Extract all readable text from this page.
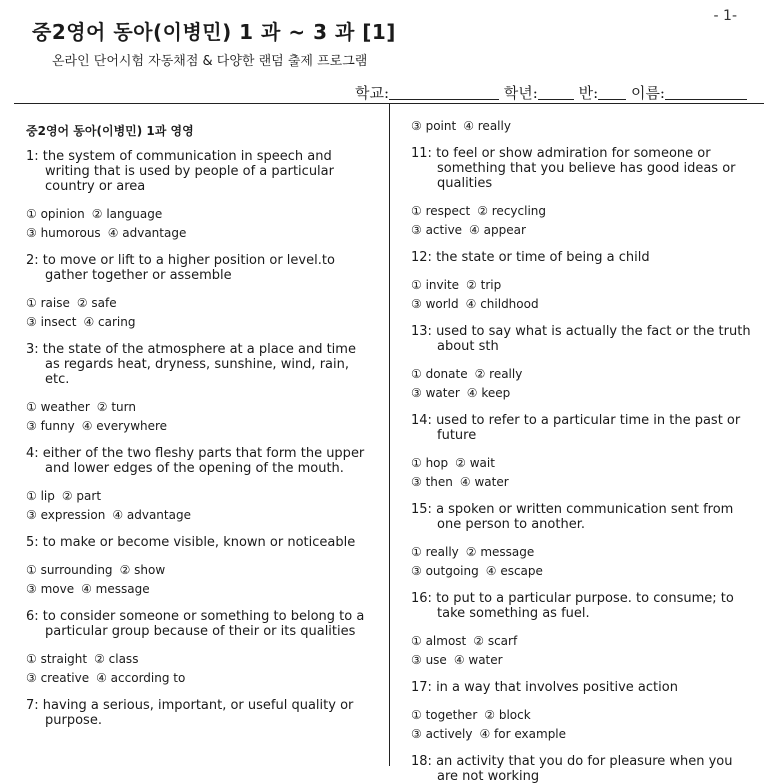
- 1-
중2영어 동아(이병민) 1 과 ~ 3 과 [1]
온라인 단어시험 자동채점 & 다양한 랜덤 출제 프로그램
학교:	학년:	반: 이름:
중2영어 동아(이병민) 1과 영영
1: the system of communication in speech and writing that is used by people of a particular country or area
① opinion ② language
③ humorous ④ advantage
2: to move or lift to a higher position or level.to gather together or assemble
① raise ② safe
③ insect ④ caring
3: the state of the atmosphere at a place and time as regards heat, dryness, sunshine, wind, rain, etc.
① weather ② turn
③ funny ④ everywhere
4: either of the two fleshy parts that form the upper and lower edges of the opening of the mouth.
① lip ② part
③ expression ④ advantage
5: to make or become visible, known or noticeable
① surrounding ② show
③ move ④ message
6: to consider someone or something to belong to a particular group because of their or its qualities
① straight ② class
③ creative ④ according to
7: having a serious, important, or useful quality or purpose.
③ point ④ really
11: to feel or show admiration for someone or something that you believe has good ideas or qualities
① respect ② recycling
③ active ④ appear
12: the state or time of being a child
① invite ② trip
③ world ④ childhood
13: used to say what is actually the fact or the truth about sth
① donate ② really
③ water ④ keep
14: used to refer to a particular time in the past or future
① hop ② wait
③ then ④ water
15: a spoken or written communication sent from one person to another.
① really ② message
③ outgoing ④ escape
16: to put to a particular purpose. to consume; to take something as fuel.
① almost ② scarf
③ use ④ water
17: in a way that involves positive action
① together ② block
③ actively ④ for example
18: an activity that you do for pleasure when you are not working
